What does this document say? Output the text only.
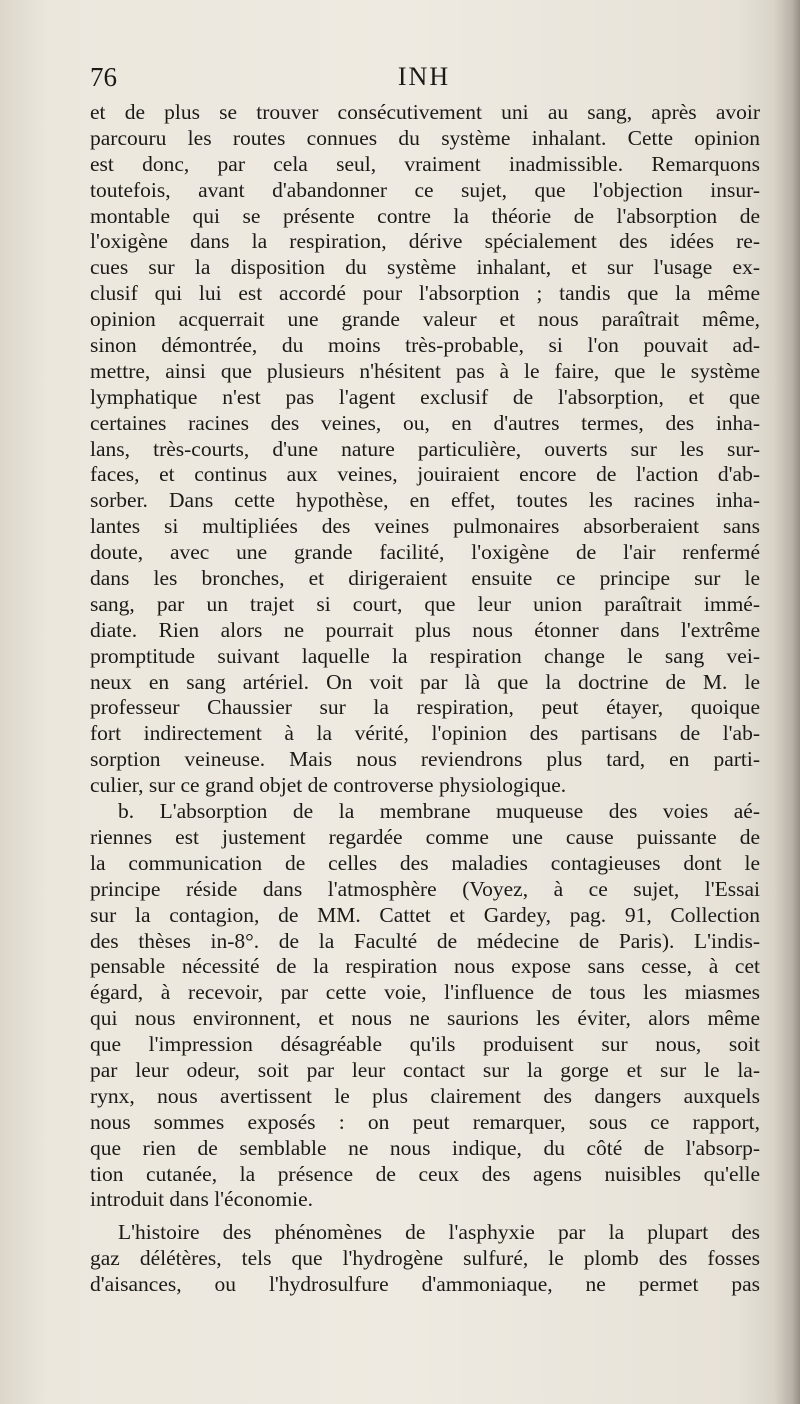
76	INH
et de plus se trouver consécutivement uni au sang, après avoir
parcouru les routes connues du système inhalant. Cette opinion
est donc, par cela seul, vraiment inadmissible. Remarquons
toutefois, avant d'abandonner ce sujet, que l'objection insur-
montable qui se présente contre la théorie de l'absorption de
l'oxigène dans la respiration, dérive spécialement des idées re-
cues sur la disposition du système inhalant, et sur l'usage ex-
clusif qui lui est accordé pour l'absorption ; tandis que la même
opinion acquerrait une grande valeur et nous paraîtrait même,
sinon démontrée, du moins très-probable, si l'on pouvait ad-
mettre, ainsi que plusieurs n'hésitent pas à le faire, que le système
lymphatique n'est pas l'agent exclusif de l'absorption, et que
certaines racines des veines, ou, en d'autres termes, des inha-
lans, très-courts, d'une nature particulière, ouverts sur les sur-
faces, et continus aux veines, jouiraient encore de l'action d'ab-
sorber. Dans cette hypothèse, en effet, toutes les racines inha-
lantes si multipliées des veines pulmonaires absorberaient sans
doute, avec une grande facilité, l'oxigène de l'air renfermé
dans les bronches, et dirigeraient ensuite ce principe sur le
sang, par un trajet si court, que leur union paraîtrait immé-
diate. Rien alors ne pourrait plus nous étonner dans l'extrême
promptitude suivant laquelle la respiration change le sang vei-
neux en sang artériel. On voit par là que la doctrine de M. le
professeur Chaussier sur la respiration, peut étayer, quoique
fort indirectement à la vérité, l'opinion des partisans de l'ab-
sorption veineuse. Mais nous reviendrons plus tard, en parti-
culier, sur ce grand objet de controverse physiologique.
b. L'absorption de la membrane muqueuse des voies aé-
riennes est justement regardée comme une cause puissante de
la communication de celles des maladies contagieuses dont le
principe réside dans l'atmosphère (Voyez, à ce sujet, l'Essai
sur la contagion, de MM. Cattet et Gardey, pag. 91, Collection
des thèses in-8°. de la Faculté de médecine de Paris). L'indis-
pensable nécessité de la respiration nous expose sans cesse, à cet
égard, à recevoir, par cette voie, l'influence de tous les miasmes
qui nous environnent, et nous ne saurions les éviter, alors même
que l'impression désagréable qu'ils produisent sur nous, soit
par leur odeur, soit par leur contact sur la gorge et sur le la-
rynx, nous avertissent le plus clairement des dangers auxquels
nous sommes exposés : on peut remarquer, sous ce rapport,
que rien de semblable ne nous indique, du côté de l'absorp-
tion cutanée, la présence de ceux des agens nuisibles qu'elle
introduit dans l'économie.
L'histoire des phénomènes de l'asphyxie par la plupart des
gaz délétères, tels que l'hydrogène sulfuré, le plomb des fosses
d'aisances, ou l'hydrosulfure d'ammoniaque, ne permet pas
